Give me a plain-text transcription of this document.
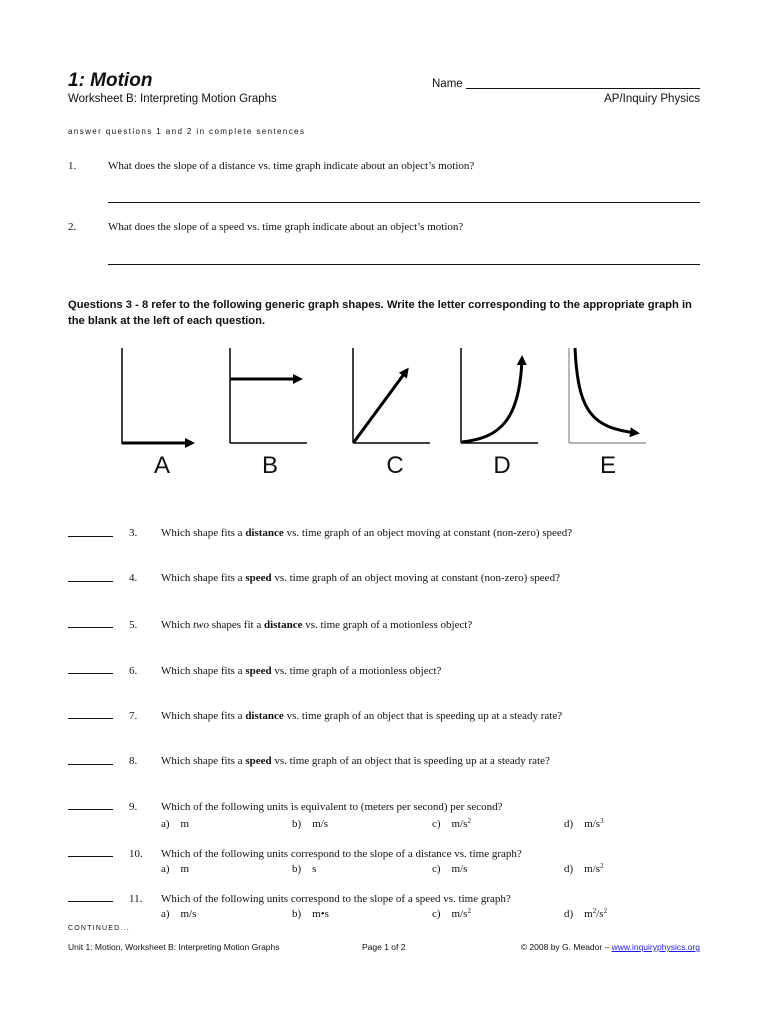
1: Motion
Worksheet B: Interpreting Motion Graphs
Name
AP/Inquiry Physics
answer questions 1 and 2 in complete sentences
1.	What does the slope of a distance vs. time graph indicate about an object’s motion?
2.	What does the slope of a speed vs. time graph indicate about an object’s motion?
Questions 3 - 8 refer to the following generic graph shapes. Write the letter corresponding to the appropriate graph in the blank at the left of each question.
A	B	C	D	E
3. Which shape fits a distance vs. time graph of an object moving at constant (non-zero) speed?
4. Which shape fits a speed vs. time graph of an object moving at constant (non-zero) speed?
5. Which two shapes fit a distance vs. time graph of a motionless object?
6. Which shape fits a speed vs. time graph of a motionless object?
7. Which shape fits a distance vs. time graph of an object that is speeding up at a steady rate?
8. Which shape fits a speed vs. time graph of an object that is speeding up at a steady rate?
9. Which of the following units is equivalent to (meters per second) per second?
a) m	b) m/s	c) $m/s^2$	d) $m/s^3$
10. Which of the following units correspond to the slope of a distance vs. time graph?
a) m	b) s	c) m/s	d) $m/s^2$
11. Which of the following units correspond to the slope of a speed vs. time graph?
a) m/s	b) m•s	c) $m/s^2$	d) $m^2/s^2$
CONTINUED...
Unit 1: Motion, Worksheet B: Interpreting Motion Graphs	Page 1 of 2	© 2008 by G. Meador – www.inquiryphysics.org
